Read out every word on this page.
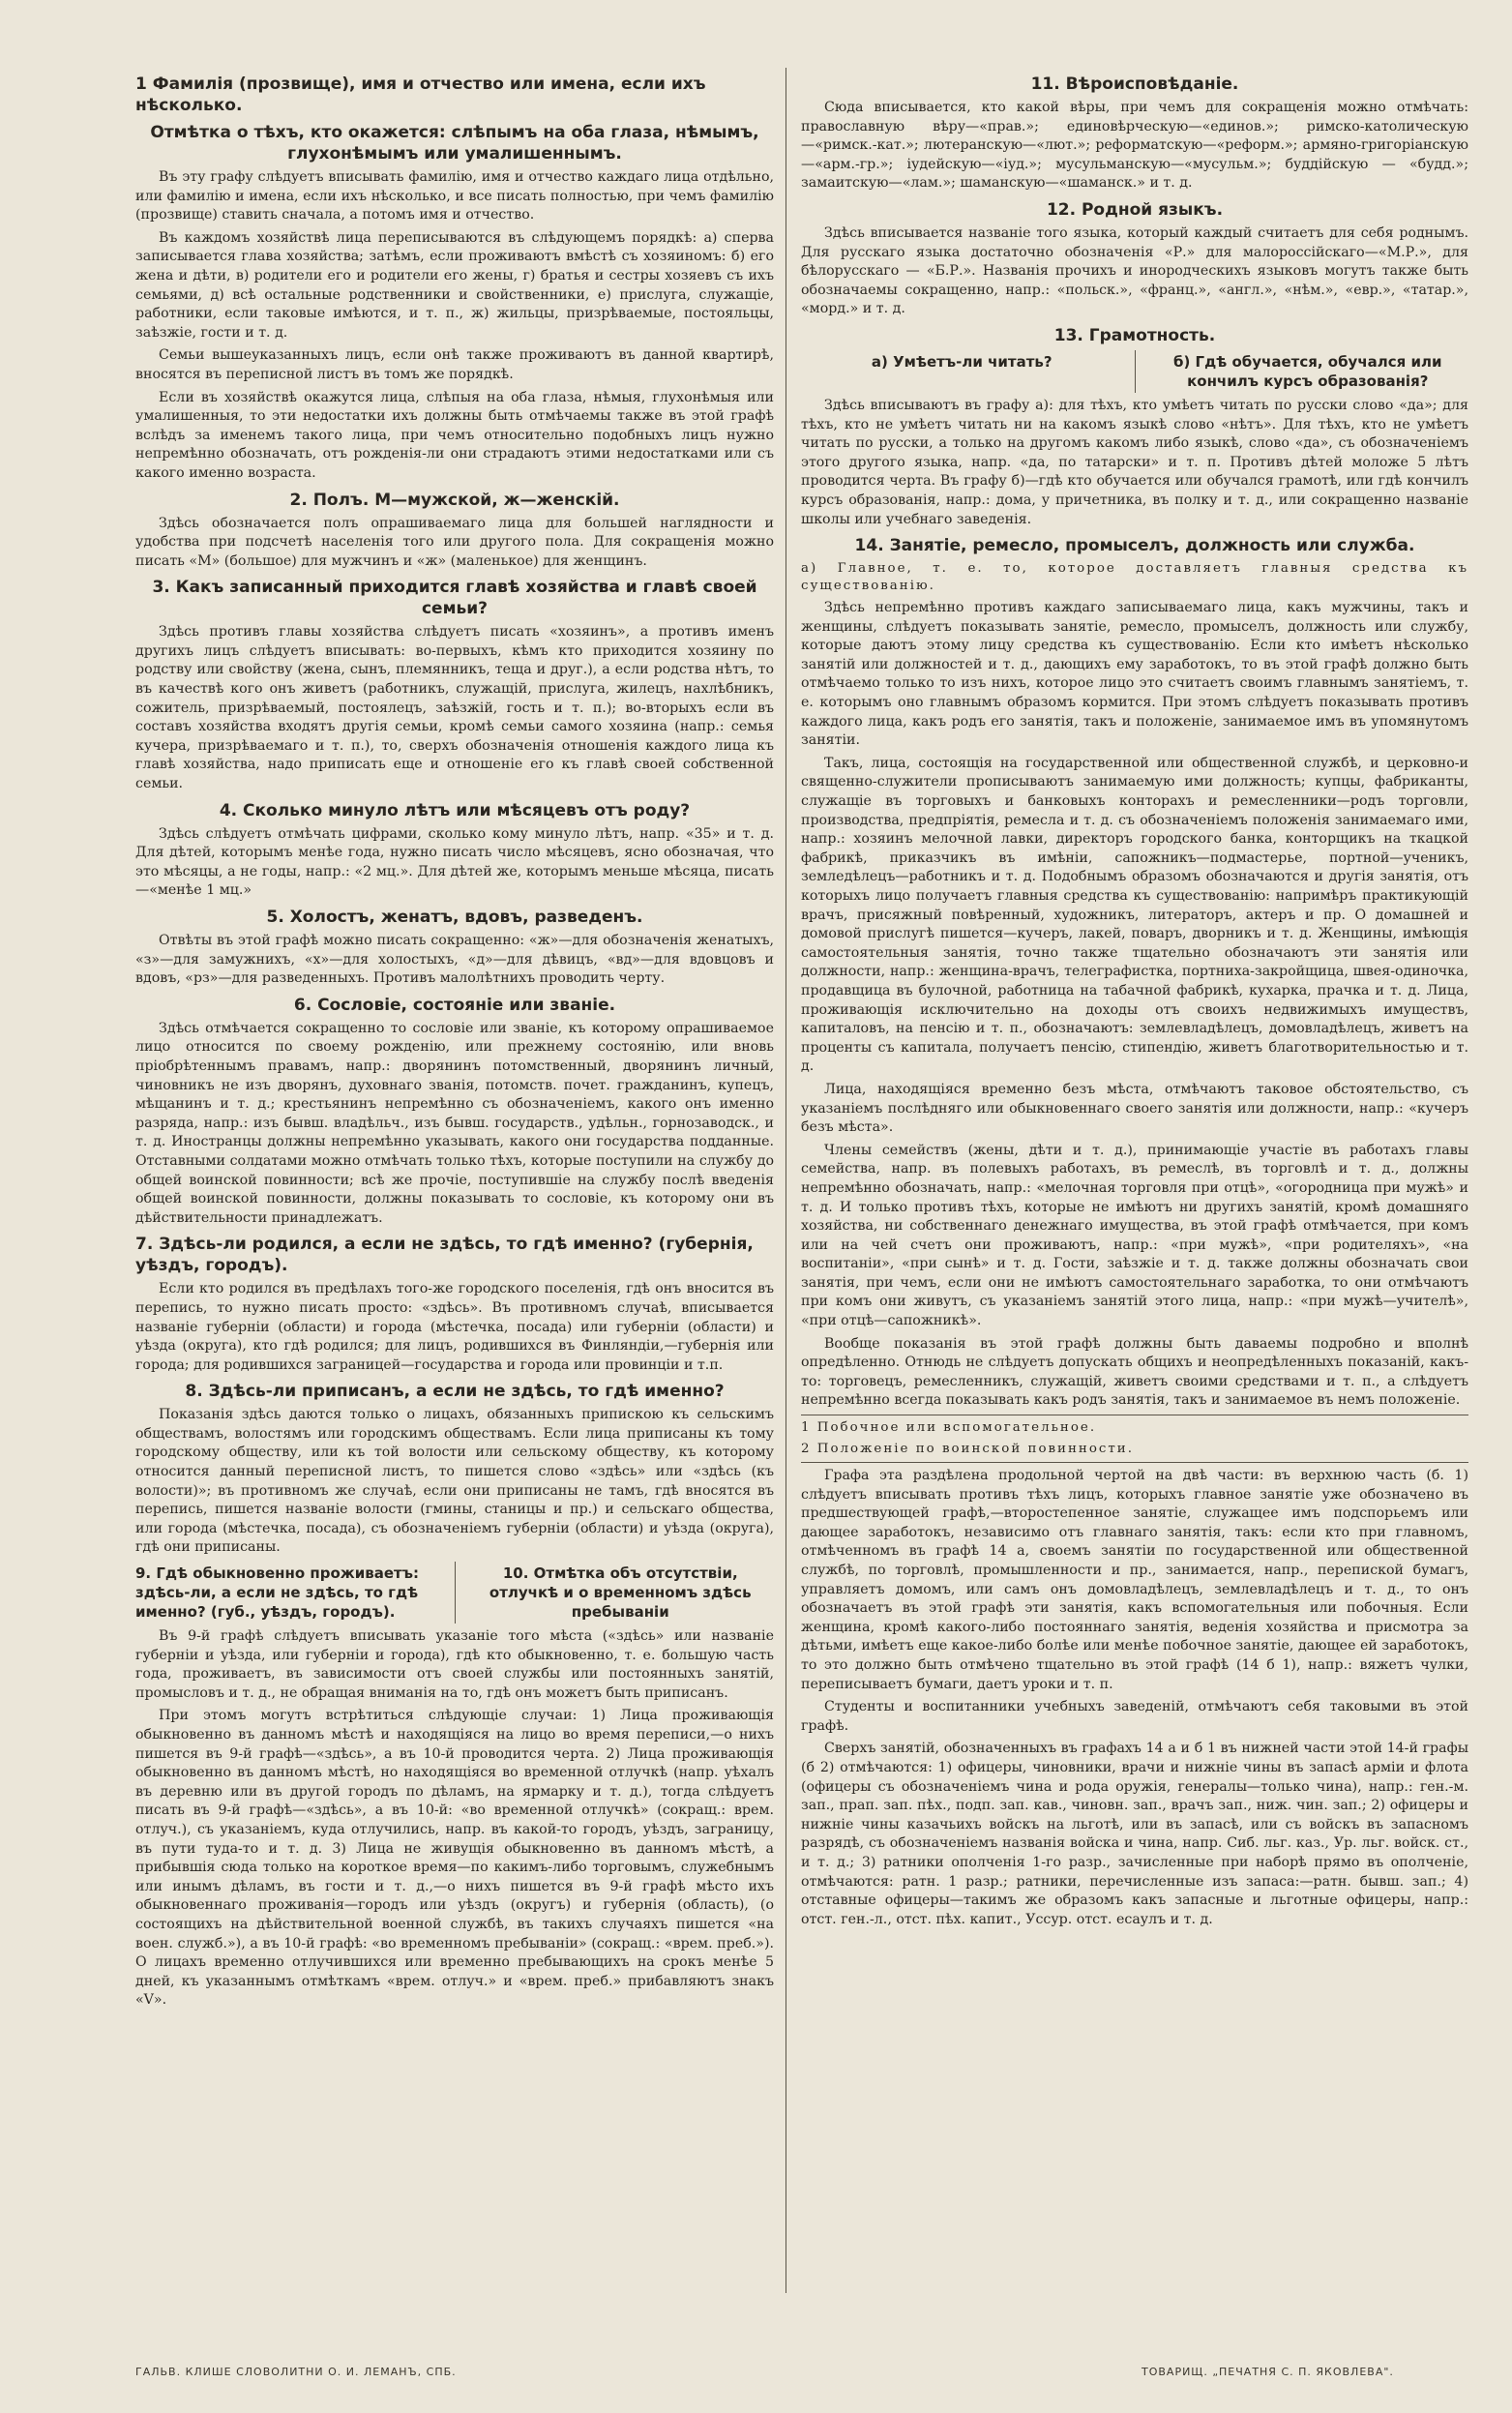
1 Фамилія (прозвище), имя и отчество или имена, если ихъ нѣсколько.
Отмѣтка о тѣхъ, кто окажется: слѣпымъ на оба глаза, нѣмымъ, глухонѣмымъ или умалишеннымъ.

Въ эту графу слѣдуетъ вписывать фамилію, имя и отчество каждаго лица отдѣльно, или фамилію и имена, если ихъ нѣсколько, и все писать полностью, при чемъ фамилію (прозвище) ставить сначала, а потомъ имя и отчество.

Въ каждомъ хозяйствѣ лица переписываются въ слѣдующемъ порядкѣ: а) сперва записывается глава хозяйства; затѣмъ, если проживаютъ вмѣстѣ съ хозяиномъ: б) его жена и дѣти, в) родители его и родители его жены, г) братья и сестры хозяевъ съ ихъ семьями, д) всѣ остальные родственники и свойственники, е) прислуга, служащіе, работники, если таковые имѣются, и т. п., ж) жильцы, призрѣваемые, постояльцы, заѣзжіе, гости и т. д.

Семьи вышеуказанныхъ лицъ, если онѣ также проживаютъ въ данной квартирѣ, вносятся въ переписной листъ въ томъ же порядкѣ.

Если въ хозяйствѣ окажутся лица, слѣпыя на оба глаза, нѣмыя, глухонѣмыя или умалишенныя, то эти недостатки ихъ должны быть отмѣчаемы также въ этой графѣ вслѣдъ за именемъ такого лица, при чемъ относительно подобныхъ лицъ нужно непремѣнно обозначать, отъ рожденія-ли они страдаютъ этими недостатками или съ какого именно возраста.

2. Полъ. М—мужской, ж—женскій.

Здѣсь обозначается полъ опрашиваемаго лица для большей наглядности и удобства при подсчетѣ населенія того или другого пола. Для сокращенія можно писать «М» (большое) для мужчинъ и «ж» (маленькое) для женщинъ.

3. Какъ записанный приходится главѣ хозяйства и главѣ своей семьи?

Здѣсь противъ главы хозяйства слѣдуетъ писать «хозяинъ», а противъ именъ другихъ лицъ слѣдуетъ вписывать: во-первыхъ, кѣмъ кто приходится хозяину по родству или свойству (жена, сынъ, племянникъ, теща и друг.), а если родства нѣтъ, то въ качествѣ кого онъ живетъ (работникъ, служащій, прислуга, жилецъ, нахлѣбникъ, сожитель, призрѣваемый, постоялецъ, заѣзжій, гость и т. п.); во-вторыхъ если въ составъ хозяйства входятъ другія семьи, кромѣ семьи самого хозяина (напр.: семья кучера, призрѣваемаго и т. п.), то, сверхъ обозначенія отношенія каждого лица къ главѣ хозяйства, надо приписать еще и отношеніе его къ главѣ своей собственной семьи.

4. Сколько минуло лѣтъ или мѣсяцевъ отъ роду?

Здѣсь слѣдуетъ отмѣчать цифрами, сколько кому минуло лѣтъ, напр. «35» и т. д. Для дѣтей, которымъ менѣе года, нужно писать число мѣсяцевъ, ясно обозначая, что это мѣсяцы, а не годы, напр.: «2 мц.». Для дѣтей же, которымъ меньше мѣсяца, писать—«менѣе 1 мц.»

5. Холостъ, женатъ, вдовъ, разведенъ.

Отвѣты въ этой графѣ можно писать сокращенно: «ж»—для обозначенія женатыхъ, «з»—для замужнихъ, «х»—для холостыхъ, «д»—для дѣвицъ, «вд»—для вдовцовъ и вдовъ, «рз»—для разведенныхъ. Противъ малолѣтнихъ проводить черту.

6. Сословіе, состояніе или званіе.

Здѣсь отмѣчается сокращенно то сословіе или званіе, къ которому опрашиваемое лицо относится по своему рожденію, или прежнему состоянію, или вновь пріобрѣтеннымъ правамъ, напр.: дворянинъ потомственный, дворянинъ личный, чиновникъ не изъ дворянъ, духовнаго званія, потомств. почет. гражданинъ, купецъ, мѣщанинъ и т. д.; крестьянинъ непремѣнно съ обозначеніемъ, какого онъ именно разряда, напр.: изъ бывш. владѣльч., изъ бывш. государств., удѣльн., горнозаводск., и т. д. Иностранцы должны непремѣнно указывать, какого они государства подданные. Отставными солдатами можно отмѣчать только тѣхъ, которые поступили на службу до общей воинской повинности; всѣ же прочіе, поступившіе на службу послѣ введенія общей воинской повинности, должны показывать то сословіе, къ которому они въ дѣйствительности принадлежатъ.

7. Здѣсь-ли родился, а если не здѣсь, то гдѣ именно? (губернія, уѣздъ, городъ).

Если кто родился въ предѣлахъ того-же городского поселенія, гдѣ онъ вносится въ перепись, то нужно писать просто: «здѣсь». Въ противномъ случаѣ, вписывается названіе губерніи (области) и города (мѣстечка, посада) или губерніи (области) и уѣзда (округа), кто гдѣ родился; для лицъ, родившихся въ Финляндіи,—губернія или города; для родившихся заграницей—государства и города или провинціи и т.п.

8. Здѣсь-ли приписанъ, а если не здѣсь, то гдѣ именно?

Показанія здѣсь даются только о лицахъ, обязанныхъ припискою къ сельскимъ обществамъ, волостямъ или городскимъ обществамъ. Если лица приписаны къ тому городскому обществу, или къ той волости или сельскому обществу, къ которому относится данный переписной листъ, то пишется слово «здѣсь» или «здѣсь (къ волости)»; въ противномъ же случаѣ, если они приписаны не тамъ, гдѣ вносятся въ перепись, пишется названіе волости (гмины, станицы и пр.) и сельскаго общества, или города (мѣстечка, посада), съ обозначеніемъ губерніи (области) и уѣзда (округа), гдѣ они приписаны.

9. Гдѣ обыкновенно проживаетъ: здѣсь-ли, а если не здѣсь, то гдѣ именно? (губ., уѣздъ, городъ).
10. Отмѣтка объ отсутствіи, отлучкѣ и о временномъ здѣсь пребываніи

Въ 9-й графѣ слѣдуетъ вписывать указаніе того мѣста («здѣсь» или названіе губерніи и уѣзда, или губерніи и города), гдѣ кто обыкновенно, т. е. большую часть года, проживаетъ, въ зависимости отъ своей службы или постоянныхъ занятій, промысловъ и т. д., не обращая вниманія на то, гдѣ онъ можетъ быть приписанъ.

При этомъ могутъ встрѣтиться слѣдующіе случаи: 1) Лица проживающія обыкновенно въ данномъ мѣстѣ и находящіяся на лицо во время переписи,—о нихъ пишется въ 9-й графѣ—«здѣсь», а въ 10-й проводится черта. 2) Лица проживающія обыкновенно въ данномъ мѣстѣ, но находящіяся во временной отлучкѣ (напр. уѣхалъ въ деревню или въ другой городъ по дѣламъ, на ярмарку и т. д.), тогда слѣдуетъ писать въ 9-й графѣ—«здѣсь», а въ 10-й: «во временной отлучкѣ» (сокращ.: врем. отлуч.), съ указаніемъ, куда отлучились, напр. въ какой-то городъ, уѣздъ, заграницу, въ пути туда-то и т. д. 3) Лица не живущія обыкновенно въ данномъ мѣстѣ, а прибывшія сюда только на короткое время—по какимъ-либо торговымъ, служебнымъ или инымъ дѣламъ, въ гости и т. д.,—о нихъ пишется въ 9-й графѣ мѣсто ихъ обыкновеннаго проживанія—городъ или уѣздъ (округъ) и губернія (область), (о состоящихъ на дѣйствительной военной службѣ, въ такихъ случаяхъ пишется «на воен. служб.»), а въ 10-й графѣ: «во временномъ пребываніи» (сокращ.: «врем. преб.»). О лицахъ временно отлучившихся или временно пребывающихъ на срокъ менѣе 5 дней, къ указаннымъ отмѣткамъ «врем. отлуч.» и «врем. преб.» прибавляютъ знакъ «V».

11. Вѣроисповѣданіе.

Сюда вписывается, кто какой вѣры, при чемъ для сокращенія можно отмѣчать: православную вѣру—«прав.»; единовѣрческую—«единов.»; римско-католическую—«римск.-кат.»; лютеранскую—«лют.»; реформатскую—«реформ.»; армяно-григоріанскую—«арм.-гр.»; іудейскую—«іуд.»; мусульманскую—«мусульм.»; буддійскую — «будд.»; замаитскую—«лам.»; шаманскую—«шаманск.» и т. д.

12. Родной языкъ.

Здѣсь вписывается названіе того языка, который каждый считаетъ для себя роднымъ. Для русскаго языка достаточно обозначенія «Р.» для малороссійскаго—«М.Р.», для бѣлорусскаго — «Б.Р.». Названія прочихъ и инородческихъ языковъ могутъ также быть обозначаемы сокращенно, напр.: «польск.», «франц.», «англ.», «нѣм.», «евр.», «татар.», «морд.» и т. д.

13. Грамотность.
а) Умѣетъ-ли читать?	б) Гдѣ обучается, обучался или кончилъ курсъ образованія?

Здѣсь вписываютъ въ графу а): для тѣхъ, кто умѣетъ читать по русски слово «да»; для тѣхъ, кто не умѣетъ читать ни на какомъ языкѣ слово «нѣтъ». Для тѣхъ, кто не умѣетъ читать по русски, а только на другомъ какомъ либо языкѣ, слово «да», съ обозначеніемъ этого другого языка, напр. «да, по татарски» и т. п. Противъ дѣтей моложе 5 лѣтъ проводится черта. Въ графу б)—гдѣ кто обучается или обучался грамотѣ, или гдѣ кончилъ курсъ образованія, напр.: дома, у причетника, въ полку и т. д., или сокращенно названіе школы или учебнаго заведенія.

14. Занятіе, ремесло, промыселъ, должность или служба.

а) Главное, т. е. то, которое доставляетъ главныя средства къ существованію.

Здѣсь непремѣнно противъ каждаго записываемаго лица, какъ мужчины, такъ и женщины, слѣдуетъ показывать занятіе, ремесло, промыселъ, должность или службу, которые даютъ этому лицу средства къ существованію. Если кто имѣетъ нѣсколько занятій или должностей и т. д., дающихъ ему заработокъ, то въ этой графѣ должно быть отмѣчаемо только то изъ нихъ, которое лицо это считаетъ своимъ главнымъ занятіемъ, т. е. которымъ оно главнымъ образомъ кормится. При этомъ слѣдуетъ показывать противъ каждого лица, какъ родъ его занятія, такъ и положеніе, занимаемое имъ въ упомянутомъ занятіи.

Такъ, лица, состоящія на государственной или общественной службѣ, и церковно-и священно-служители прописываютъ занимаемую ими должность; купцы, фабриканты, служащіе въ торговыхъ и банковыхъ конторахъ и ремесленники—родъ торговли, производства, предпріятія, ремесла и т. д. съ обозначеніемъ положенія занимаемаго ими, напр.: хозяинъ мелочной лавки, директоръ городского банка, конторщикъ на ткацкой фабрикѣ, приказчикъ въ имѣніи, сапожникъ—подмастерье, портной—ученикъ, земледѣлецъ—работникъ и т. д. Подобнымъ образомъ обозначаются и другія занятія, отъ которыхъ лицо получаетъ главныя средства къ существованію: напримѣръ практикующій врачъ, присяжный повѣренный, художникъ, литераторъ, актеръ и пр. О домашней и домовой прислугѣ пишется—кучеръ, лакей, поваръ, дворникъ и т. д. Женщины, имѣющія самостоятельныя занятія, точно также тщательно обозначаютъ эти занятія или должности, напр.: женщина-врачъ, телеграфистка, портниха-закройщица, швея-одиночка, продавщица въ булочной, работница на табачной фабрикѣ, кухарка, прачка и т. д. Лица, проживающія исключительно на доходы отъ своихъ недвижимыхъ имуществъ, капиталовъ, на пенсію и т. п., обозначаютъ: землевладѣлецъ, домовладѣлецъ, живетъ на проценты съ капитала, получаетъ пенсію, стипендію, живетъ благотворительностью и т. д.

Лица, находящіяся временно безъ мѣста, отмѣчаютъ таковое обстоятельство, съ указаніемъ послѣдняго или обыкновеннаго своего занятія или должности, напр.: «кучеръ безъ мѣста».

Члены семействъ (жены, дѣти и т. д.), принимающіе участіе въ работахъ главы семейства, напр. въ полевыхъ работахъ, въ ремеслѣ, въ торговлѣ и т. д., должны непремѣнно обозначать, напр.: «мелочная торговля при отцѣ», «огородница при мужѣ» и т. д. И только противъ тѣхъ, которые не имѣютъ ни другихъ занятій, кромѣ домашняго хозяйства, ни собственнаго денежнаго имущества, въ этой графѣ отмѣчается, при комъ или на чей счетъ они проживаютъ, напр.: «при мужѣ», «при родителяхъ», «на воспитаніи», «при сынѣ» и т. д. Гости, заѣзжіе и т. д. также должны обозначать свои занятія, при чемъ, если они не имѣютъ самостоятельнаго заработка, то они отмѣчаютъ при комъ они живутъ, съ указаніемъ занятій этого лица, напр.: «при мужѣ—учителѣ», «при отцѣ—сапожникѣ».

Вообще показанія въ этой графѣ должны быть даваемы подробно и вполнѣ опредѣленно. Отнюдь не слѣдуетъ допускать общихъ и неопредѣленныхъ показаній, какъ-то: торговецъ, ремесленникъ, служащій, живетъ своими средствами и т. п., а слѣдуетъ непремѣнно всегда показывать какъ родъ занятія, такъ и занимаемое въ немъ положеніе.

1 Побочное или вспомогательное.

2 Положеніе по воинской повинности.

Графа эта раздѣлена продольной чертой на двѣ части: въ верхнюю часть (б. 1) слѣдуетъ вписывать противъ тѣхъ лицъ, которыхъ главное занятіе уже обозначено въ предшествующей графѣ,—второстепенное занятіе, служащее имъ подспорьемъ или дающее заработокъ, независимо отъ главнаго занятія, такъ: если кто при главномъ, отмѣченномъ въ графѣ 14 а, своемъ занятіи по государственной или общественной службѣ, по торговлѣ, промышленности и пр., занимается, напр., перепиской бумагъ, управляетъ домомъ, или самъ онъ домовладѣлецъ, землевладѣлецъ и т. д., то онъ обозначаетъ въ этой графѣ эти занятія, какъ вспомогательныя или побочныя. Если женщина, кромѣ какого-либо постояннаго занятія, веденія хозяйства и присмотра за дѣтьми, имѣетъ еще какое-либо болѣе или менѣе побочное занятіе, дающее ей заработокъ, то это должно быть отмѣчено тщательно въ этой графѣ (14 б 1), напр.: вяжетъ чулки, переписываетъ бумаги, даетъ уроки и т. п.

Студенты и воспитанники учебныхъ заведеній, отмѣчаютъ себя таковыми въ этой графѣ.

Сверхъ занятій, обозначенныхъ въ графахъ 14 а и б 1 въ нижней части этой 14-й графы (б 2) отмѣчаются: 1) офицеры, чиновники, врачи и нижніе чины въ запасѣ арміи и флота (офицеры съ обозначеніемъ чина и рода оружія, генералы—только чина), напр.: ген.-м. зап., прап. зап. пѣх., подп. зап. кав., чиновн. зап., врачъ зап., ниж. чин. зап.; 2) офицеры и нижніе чины казачьихъ войскъ на льготѣ, или въ запасѣ, или съ войскъ въ запасномъ разрядѣ, съ обозначеніемъ названія войска и чина, напр. Сиб. льг. каз., Ур. льг. войск. ст., и т. д.; 3) ратники ополченія 1-го разр., зачисленные при наборѣ прямо въ ополченіе, отмѣчаются: ратн. 1 разр.; ратники, перечисленные изъ запаса:—ратн. бывш. зап.; 4) отставные офицеры—такимъ же образомъ какъ запасные и льготные офицеры, напр.: отст. ген.-л., отст. пѣх. капит., Уссур. отст. есаулъ и т. д.

ГАЛЬВ. КЛИШЕ СЛОВОЛИТНИ О. И. ЛЕМАНЪ, СПБ.	ТОВАРИЩ. „ПЕЧАТНЯ С. П. ЯКОВЛЕВА".
